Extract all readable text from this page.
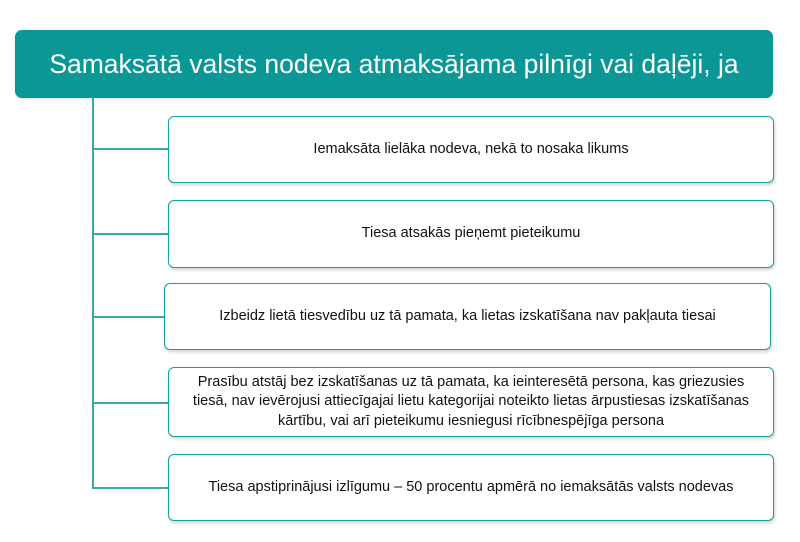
Samaksātā valsts nodeva atmaksājama pilnīgi vai daļēji, ja
Iemaksāta lielāka nodeva, nekā to nosaka likums
Tiesa atsakās pieņemt pieteikumu
Izbeidz lietā tiesvedību uz tā pamata, ka lietas izskatīšana nav pakļauta tiesai
Prasību atstāj bez izskatīšanas uz tā pamata, ka ieinteresētā persona, kas griezusies tiesā, nav ievērojusi attiecīgajai lietu kategorijai noteikto lietas ārpustiesas izskatīšanas kārtību, vai arī pieteikumu iesniegusi rīcībnespējīga persona
Tiesa apstiprinājusi izlīgumu – 50 procentu apmērā no iemaksātās valsts nodevas
